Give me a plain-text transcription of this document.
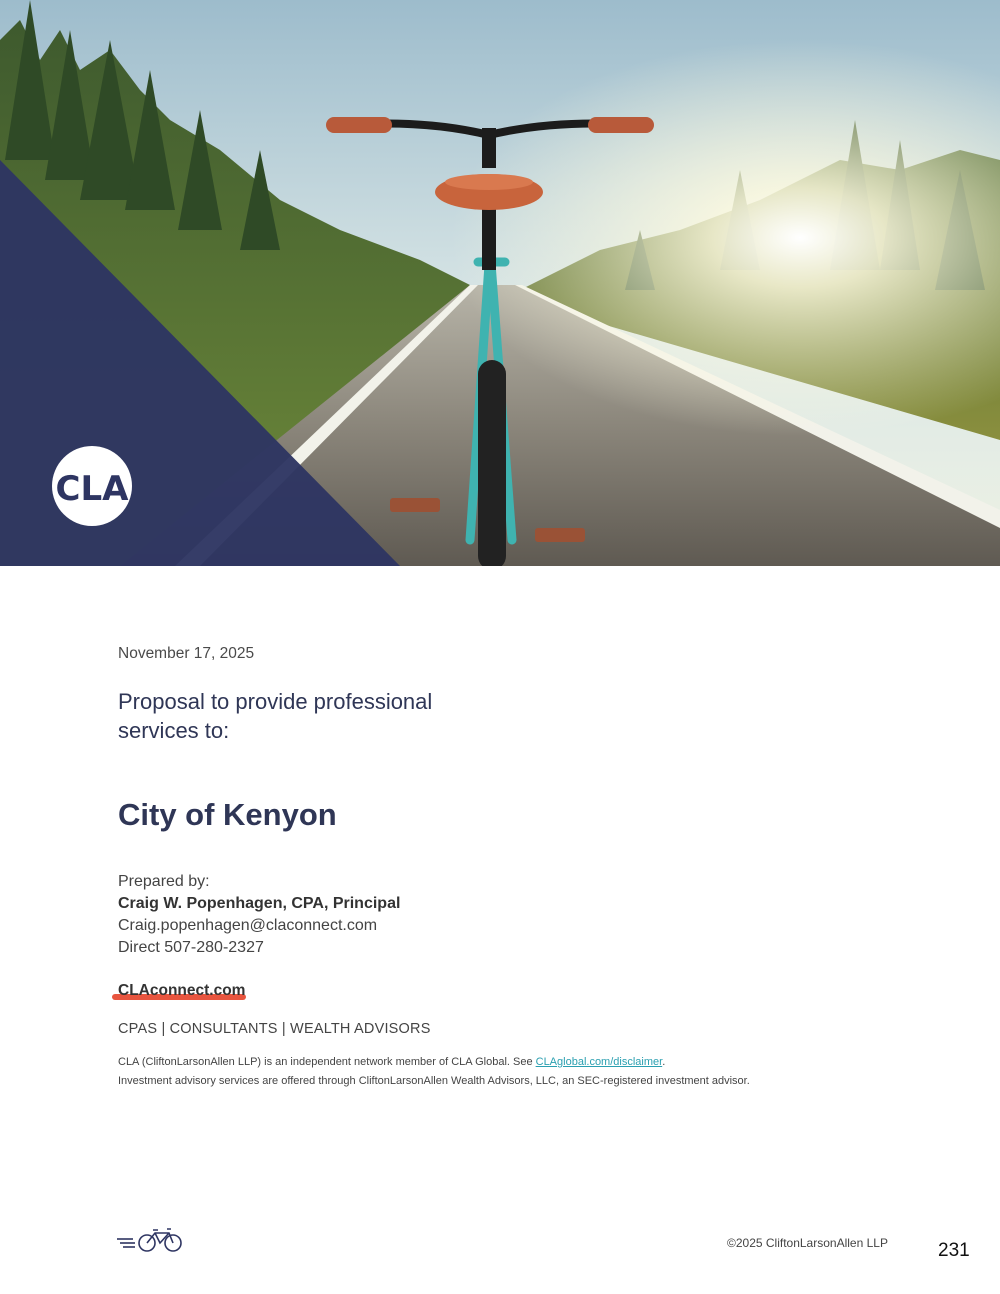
CLA
November 17, 2025
Proposal to provide professional
services to:
City of Kenyon
Prepared by:
Craig W. Popenhagen, CPA, Principal
Craig.popenhagen@claconnect.com
Direct 507-280-2327
CLAconnect.com
CPAS | CONSULTANTS | WEALTH ADVISORS
CLA (CliftonLarsonAllen LLP) is an independent network member of CLA Global. See CLAglobal.com/disclaimer.
Investment advisory services are offered through CliftonLarsonAllen Wealth Advisors, LLC, an SEC-registered investment advisor.
©2025 CliftonLarsonAllen LLP	231
